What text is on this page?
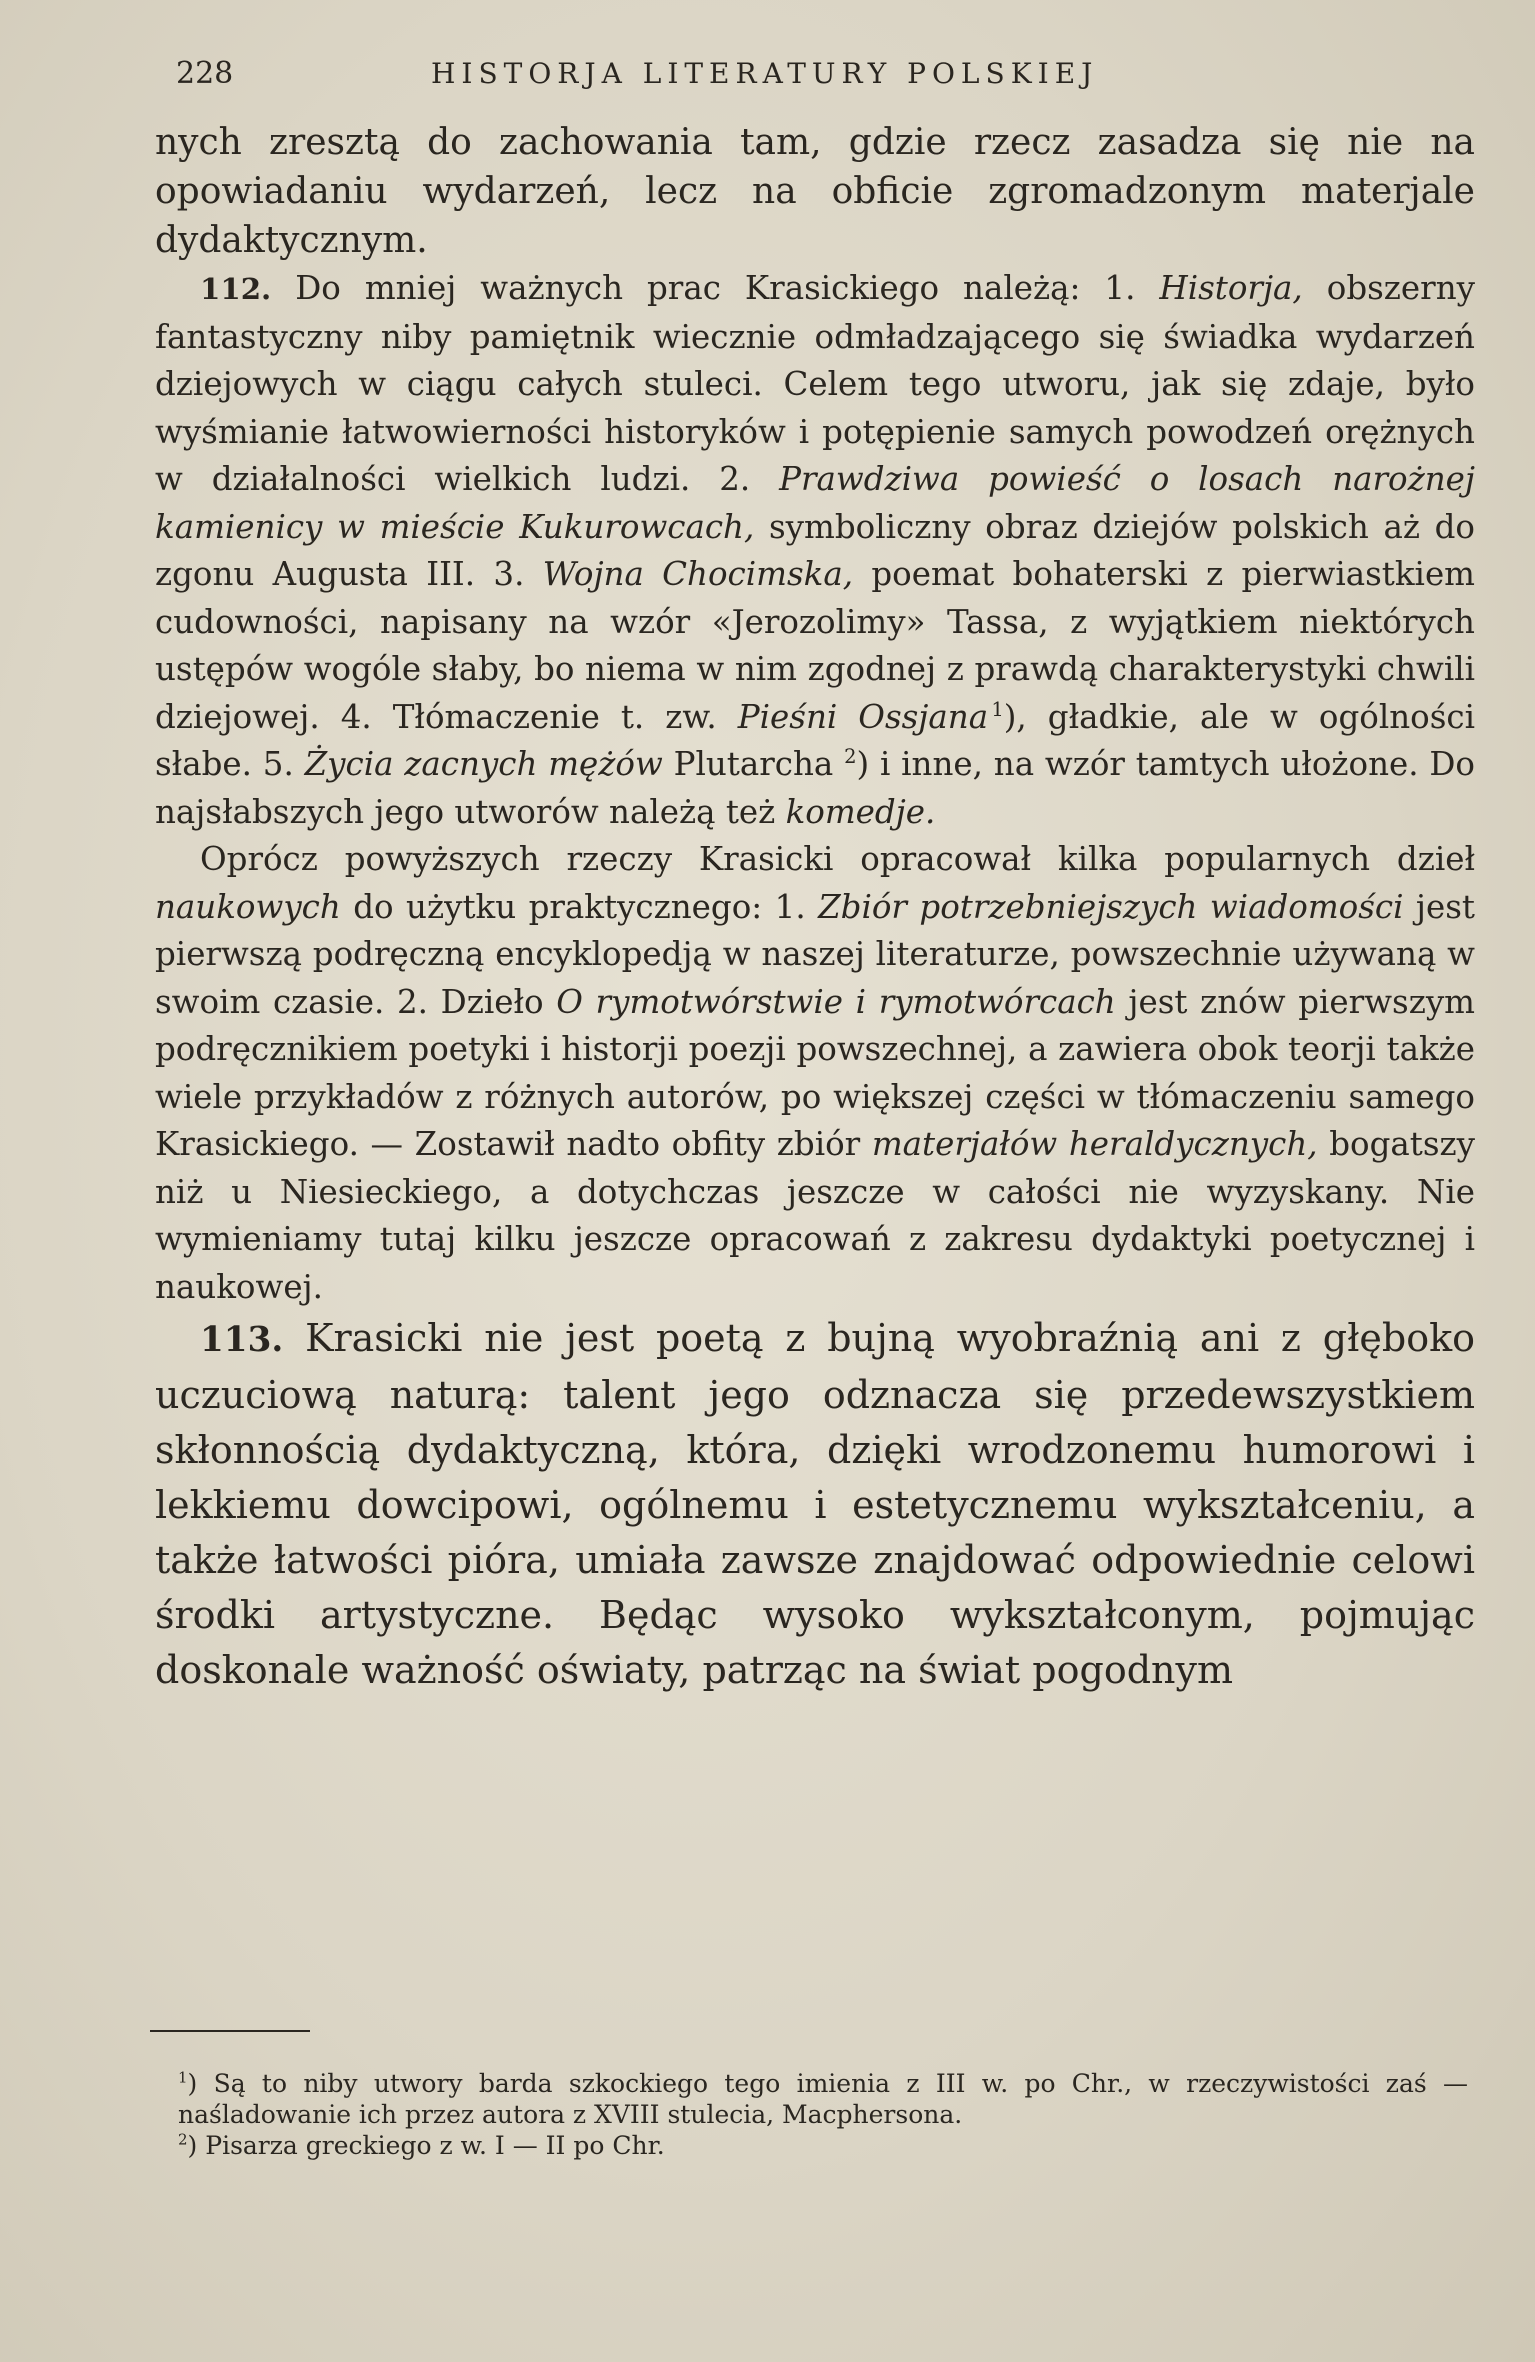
228	HISTORJA LITERATURY POLSKIEJ

nych zresztą do zachowania tam, gdzie rzecz zasadza się nie na opowiadaniu wydarzeń, lecz na obficie zgromadzonym materjale dydaktycznym.

112. Do mniej ważnych prac Krasickiego należą: 1. Historja, obszerny fantastyczny niby pamiętnik wiecznie odmładzającego się świadka wydarzeń dziejowych w ciągu całych stuleci. Celem tego utworu, jak się zdaje, było wyśmianie łatwowierności historyków i potępienie samych powodzeń orężnych w działalności wielkich ludzi. 2. Prawdziwa powieść o losach narożnej kamienicy w mieście Kukurowcach, symboliczny obraz dziejów polskich aż do zgonu Augusta III. 3. Wojna Chocimska, poemat bohaterski z pierwiastkiem cudowności, napisany na wzór «Jerozolimy» Tassa, z wyjątkiem niektórych ustępów wogóle słaby, bo niema w nim zgodnej z prawdą charakterystyki chwili dziejowej. 4. Tłómaczenie t. zw. Pieśni Ossjana  $^1$), gładkie, ale w ogólności słabe. 5. Życia zacnych mężów Plutarcha $^2$) i inne, na wzór tamtych ułożone. Do najsłabszych jego utworów należą też komedje.

Oprócz powyższych rzeczy Krasicki opracował kilka popularnych dzieł naukowych do użytku praktycznego: 1. Zbiór potrzebniejszych wiadomości jest pierwszą podręczną encyklopedją w naszej literaturze, powszechnie używaną w swoim czasie. 2. Dzieło O rymotwórstwie i rymotwórcach jest znów pierwszym podręcznikiem poetyki i historji poezji powszechnej, a zawiera obok teorji także wiele przykładów z różnych autorów, po większej części w tłómaczeniu samego Krasickiego. — Zostawił nadto obfity zbiór materjałów heraldycznych, bogatszy niż u Niesieckiego, a dotychczas jeszcze w całości nie wyzyskany. Nie wymieniamy tutaj kilku jeszcze opracowań z zakresu dydaktyki poetycznej i naukowej.

113. Krasicki nie jest poetą z bujną wyobraźnią ani z głęboko uczuciową naturą: talent jego odznacza się przedewszystkiem skłonnością dydaktyczną, która, dzięki wrodzonemu humorowi i lekkiemu dowcipowi, ogólnemu i estetycznemu wykształceniu, a także łatwości pióra, umiała zawsze znajdować odpowiednie celowi środki artystyczne. Będąc wysoko wykształconym, pojmując doskonale ważność oświaty, patrząc na świat pogodnym

$^1$) Są to niby utwory barda szkockiego tego imienia z III w. po Chr., w rzeczywistości zaś — naśladowanie ich przez autora z XVIII stulecia, Macphersona.

$^2$) Pisarza greckiego z w. I — II po Chr.
